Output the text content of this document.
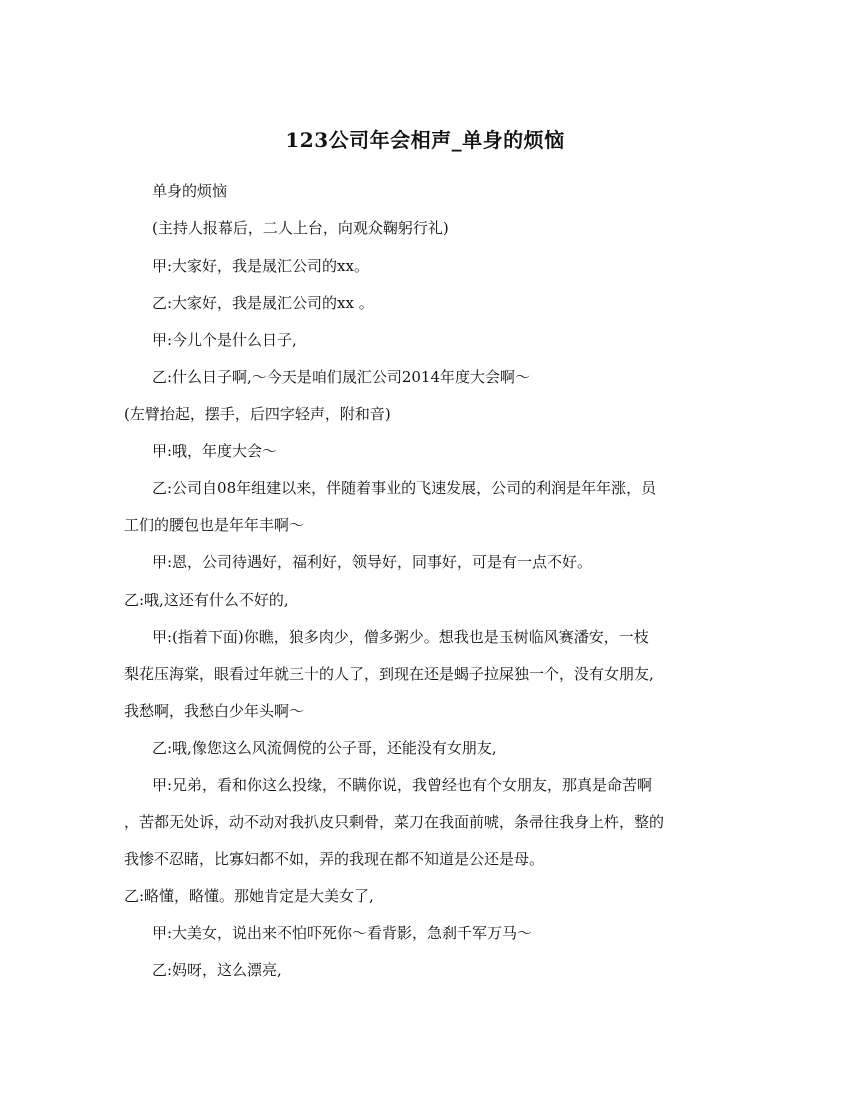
123公司年会相声_单身的烦恼
单身的烦恼
(主持人报幕后，二人上台，向观众鞠躬行礼)
甲:大家好，我是晟汇公司的xx。
乙:大家好，我是晟汇公司的xx 。
甲:今儿个是什么日子,
乙:什么日子啊,～今天是咱们晟汇公司2014年度大会啊～
(左臂抬起，摆手，后四字轻声，附和音)
甲:哦，年度大会～
乙:公司自08年组建以来，伴随着事业的飞速发展，公司的利润是年年涨，员
工们的腰包也是年年丰啊～
甲:恩，公司待遇好，福利好，领导好，同事好，可是有一点不好。
乙:哦,这还有什么不好的,
甲:(指着下面)你瞧，狼多肉少，僧多粥少。想我也是玉树临风赛潘安，一枝
梨花压海棠，眼看过年就三十的人了，到现在还是蝎子拉屎独一个，没有女朋友,
我愁啊，我愁白少年头啊～
乙:哦,像您这么风流倜傥的公子哥，还能没有女朋友,
甲:兄弟，看和你这么投缘，不瞒你说，我曾经也有个女朋友，那真是命苦啊
，苦都无处诉，动不动对我扒皮只剩骨，菜刀在我面前唬，条帚往我身上杵，整的
我惨不忍睹，比寡妇都不如，弄的我现在都不知道是公还是母。
乙:略懂，略懂。那她肯定是大美女了,
甲:大美女，说出来不怕吓死你～看背影，急刹千军万马～
乙:妈呀，这么漂亮,
